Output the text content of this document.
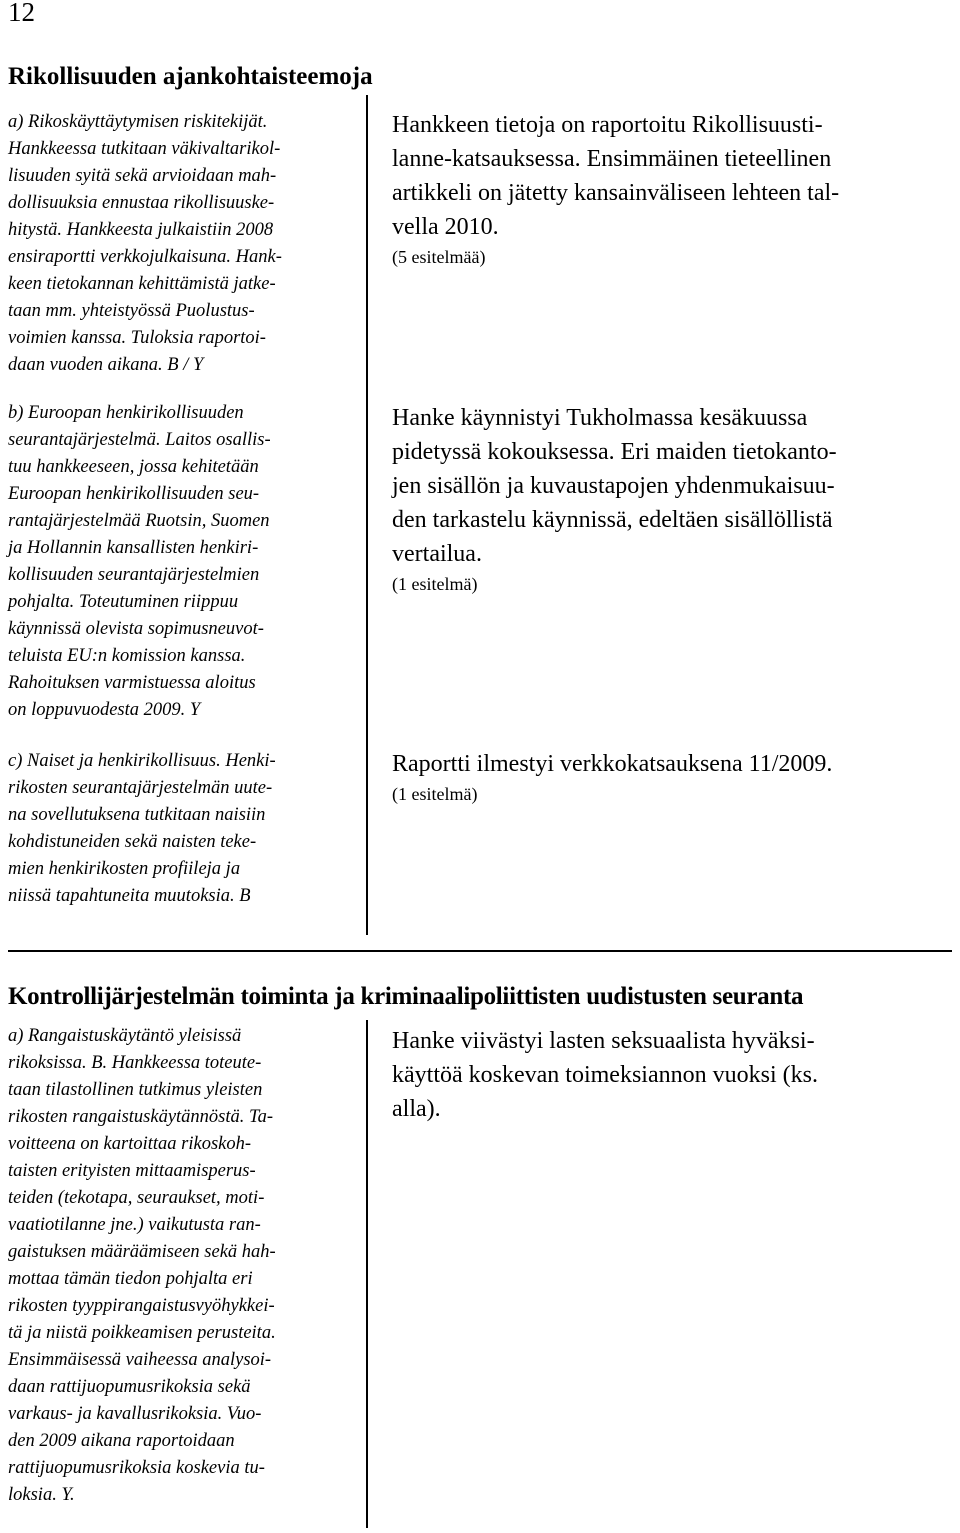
12
Rikollisuuden ajankohtaisteemoja
a) Rikoskäyttäytymisen riskitekijät.
Hankkeessa tutkitaan väkivaltarikol-
lisuuden syitä sekä arvioidaan mah-
dollisuuksia ennustaa rikollisuuske-
hitystä. Hankkeesta julkaistiin 2008
ensiraportti verkkojulkaisuna. Hank-
keen tietokannan kehittämistä jatke-
taan mm. yhteistyössä Puolustus-
voimien kanssa. Tuloksia raportoi-
daan vuoden aikana. B / Y
Hankkeen tietoja on raportoitu Rikollisuusti-
lanne-katsauksessa. Ensimmäinen tieteellinen
artikkeli on jätetty kansainväliseen lehteen tal-
vella 2010.
(5 esitelmää)
b) Euroopan henkirikollisuuden
seurantajärjestelmä. Laitos osallis-
tuu hankkeeseen, jossa kehitetään
Euroopan henkirikollisuuden seu-
rantajärjestelmää Ruotsin, Suomen
ja Hollannin kansallisten henkiri-
kollisuuden seurantajärjestelmien
pohjalta. Toteutuminen riippuu
käynnissä olevista sopimusneuvot-
teluista EU:n komission kanssa.
Rahoituksen varmistuessa aloitus
on loppuvuodesta 2009. Y
Hanke käynnistyi Tukholmassa kesäkuussa
pidetyssä kokouksessa. Eri maiden tietokanto-
jen sisällön ja kuvaustapojen yhdenmukaisuu-
den tarkastelu käynnissä, edeltäen sisällöllistä
vertailua.
(1 esitelmä)
c) Naiset ja henkirikollisuus. Henki-
rikosten seurantajärjestelmän uute-
na sovellutuksena tutkitaan naisiin
kohdistuneiden sekä naisten teke-
mien henkirikosten profiileja ja
niissä tapahtuneita muutoksia. B
Raportti ilmestyi verkkokatsauksena 11/2009.
(1 esitelmä)
Kontrollijärjestelmän toiminta ja kriminaalipoliittisten uudistusten seuranta
a) Rangaistuskäytäntö yleisissä
rikoksissa. B. Hankkeessa toteute-
taan tilastollinen tutkimus yleisten
rikosten rangaistuskäytännöstä. Ta-
voitteena on kartoittaa rikoskoh-
taisten erityisten mittaamisperus-
teiden (tekotapa, seuraukset, moti-
vaatiotilanne jne.) vaikutusta ran-
gaistuksen määräämiseen sekä hah-
mottaa tämän tiedon pohjalta eri
rikosten tyyppirangaistusvyöhykkei-
tä ja niistä poikkeamisen perusteita.
Ensimmäisessä vaiheessa analysoi-
daan rattijuopumusrikoksia sekä
varkaus- ja kavallusrikoksia. Vuo-
den 2009 aikana raportoidaan
rattijuopumusrikoksia koskevia tu-
loksia. Y.
Hanke viivästyi lasten seksuaalista hyväksi-
käyttöä koskevan toimeksiannon vuoksi (ks.
alla).
